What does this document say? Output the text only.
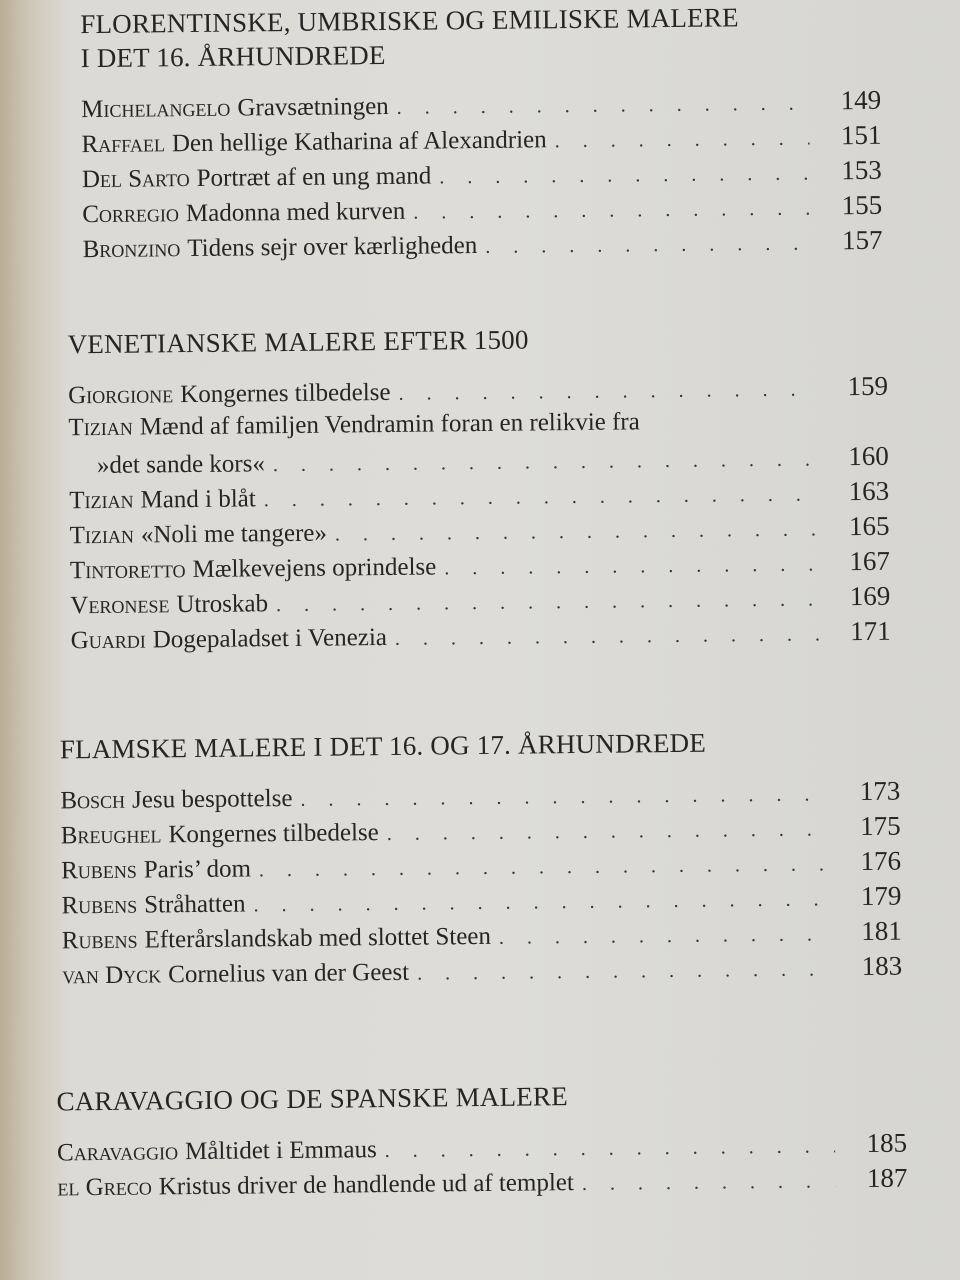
FLORENTINSKE, UMBRISKE OG EMILISKE MALERE
I DET 16. ÅRHUNDREDE
Michelangelo Gravsætningen . . .	149
Raffael Den hellige Katharina af Alexandrien . . .	151
Del Sarto Portræt af en ung mand . . .	153
Corregio Madonna med kurven . . .	155
Bronzino Tidens sejr over kærligheden . . .	157
VENETIANSKE MALERE EFTER 1500
Giorgione Kongernes tilbedelse . . .	159
Tizian Mænd af familjen Vendramin foran en relikvie fra
»det sande kors« . . .	160
Tizian Mand i blåt . . .	163
Tizian «Noli me tangere» . . .	165
Tintoretto Mælkevejens oprindelse . . .	167
Veronese Utroskab . . .	169
Guardi Dogepaladset i Venezia . . .	171
FLAMSKE MALERE I DET 16. OG 17. ÅRHUNDREDE
Bosch Jesu bespottelse . . .	173
Breughel Kongernes tilbedelse . . .	175
Rubens Paris’ dom . . .	176
Rubens Stråhatten . . .	179
Rubens Efterårslandskab med slottet Steen . . .	181
van Dyck Cornelius van der Geest . . .	183
CARAVAGGIO OG DE SPANSKE MALERE
Caravaggio Måltidet i Emmaus . . .	185
el Greco Kristus driver de handlende ud af templet . . .	187
